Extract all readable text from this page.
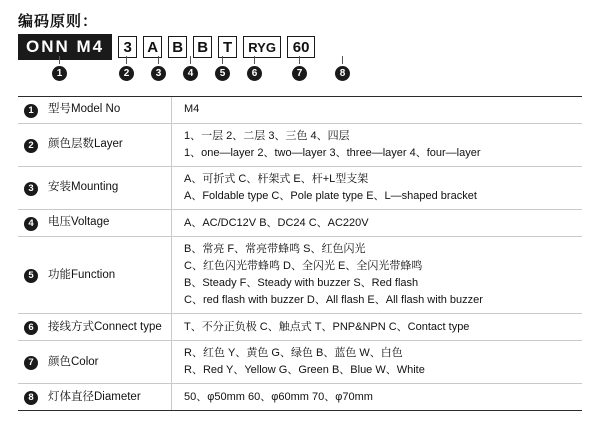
编码原则：
ONN M4	3	A B B T	RYG	60
1	2	3	4	5	6	7	8
1	型号Model No	M4
2	颜色层数Layer
1、一层 2、二层 3、三色 4、四层
1、one—layer 2、two—layer 3、three—layer 4、four—layer
3	安装Mounting
A、可折式 C、杆架式 E、杆+L型支架
A、Foldable type C、Pole plate type E、L—shaped bracket
4	电压Voltage	A、AC/DC12V B、DC24 C、AC220V
5	功能Function
B、常亮 F、常亮带蜂鸣 S、红色闪光
C、红色闪光带蜂鸣 D、全闪光 E、全闪光带蜂鸣
B、Steady F、Steady with buzzer S、Red flash
C、red flash with buzzer D、All flash E、All flash with buzzer
6	接线方式Connect type	T、不分正负极 C、触点式 T、PNP&NPN C、Contact type
7	颜色Color
R、红色 Y、黄色 G、绿色 B、蓝色 W、白色
R、Red Y、Yellow G、Green B、Blue W、White
8	灯体直径Diameter	50、φ50mm 60、φ60mm 70、φ70mm
